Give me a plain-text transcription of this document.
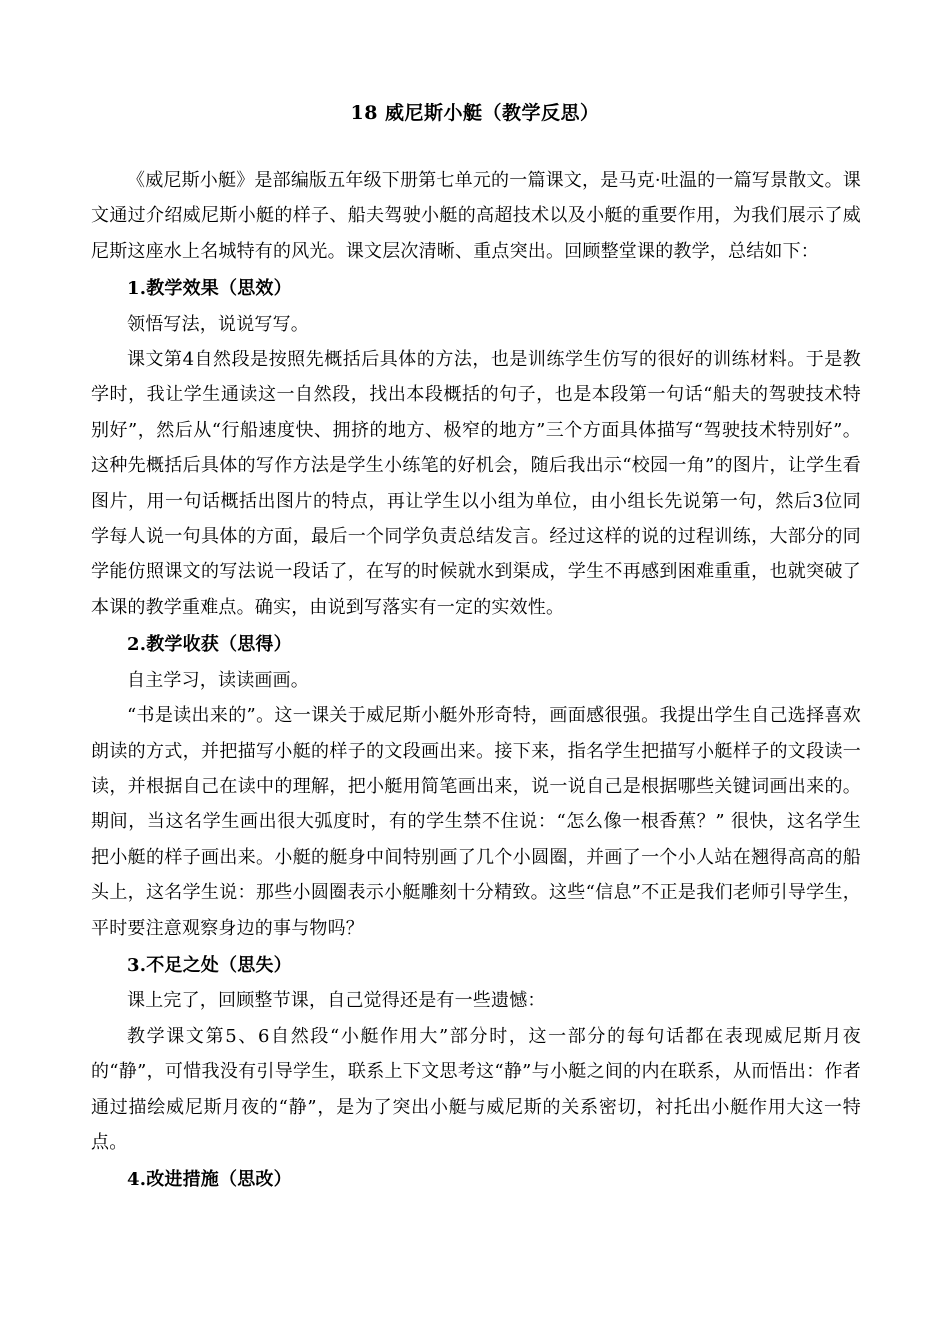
18 威尼斯小艇（教学反思）

《威尼斯小艇》是部编版五年级下册第七单元的一篇课文，是马克·吐温的一篇写景散文。课文通过介绍威尼斯小艇的样子、船夫驾驶小艇的高超技术以及小艇的重要作用，为我们展示了威尼斯这座水上名城特有的风光。课文层次清晰、重点突出。回顾整堂课的教学，总结如下：

1.教学效果（思效）

领悟写法，说说写写。

课文第4自然段是按照先概括后具体的方法，也是训练学生仿写的很好的训练材料。于是教学时，我让学生通读这一自然段，找出本段概括的句子，也是本段第一句话“船夫的驾驶技术特别好”，然后从“行船速度快、拥挤的地方、极窄的地方”三个方面具体描写“驾驶技术特别好”。这种先概括后具体的写作方法是学生小练笔的好机会，随后我出示“校园一角”的图片，让学生看图片，用一句话概括出图片的特点，再让学生以小组为单位，由小组长先说第一句，然后3位同学每人说一句具体的方面，最后一个同学负责总结发言。经过这样的说的过程训练，大部分的同学能仿照课文的写法说一段话了，在写的时候就水到渠成，学生不再感到困难重重，也就突破了本课的教学重难点。确实，由说到写落实有一定的实效性。

2.教学收获（思得）

自主学习，读读画画。

“书是读出来的”。这一课关于威尼斯小艇外形奇特，画面感很强。我提出学生自己选择喜欢朗读的方式，并把描写小艇的样子的文段画出来。接下来，指名学生把描写小艇样子的文段读一读，并根据自己在读中的理解，把小艇用简笔画出来，说一说自己是根据哪些关键词画出来的。期间，当这名学生画出很大弧度时，有的学生禁不住说：“怎么像一根香蕉？” 很快，这名学生把小艇的样子画出来。小艇的艇身中间特别画了几个小圆圈，并画了一个小人站在翘得高高的船头上，这名学生说：那些小圆圈表示小艇雕刻十分精致。这些“信息”不正是我们老师引导学生，平时要注意观察身边的事与物吗？

3.不足之处（思失）

课上完了，回顾整节课，自己觉得还是有一些遗憾：

教学课文第5、6自然段“小艇作用大”部分时，这一部分的每句话都在表现威尼斯月夜的“静”，可惜我没有引导学生，联系上下文思考这“静”与小艇之间的内在联系，从而悟出：作者通过描绘威尼斯月夜的“静”，是为了突出小艇与威尼斯的关系密切，衬托出小艇作用大这一特点。

4.改进措施（思改）
